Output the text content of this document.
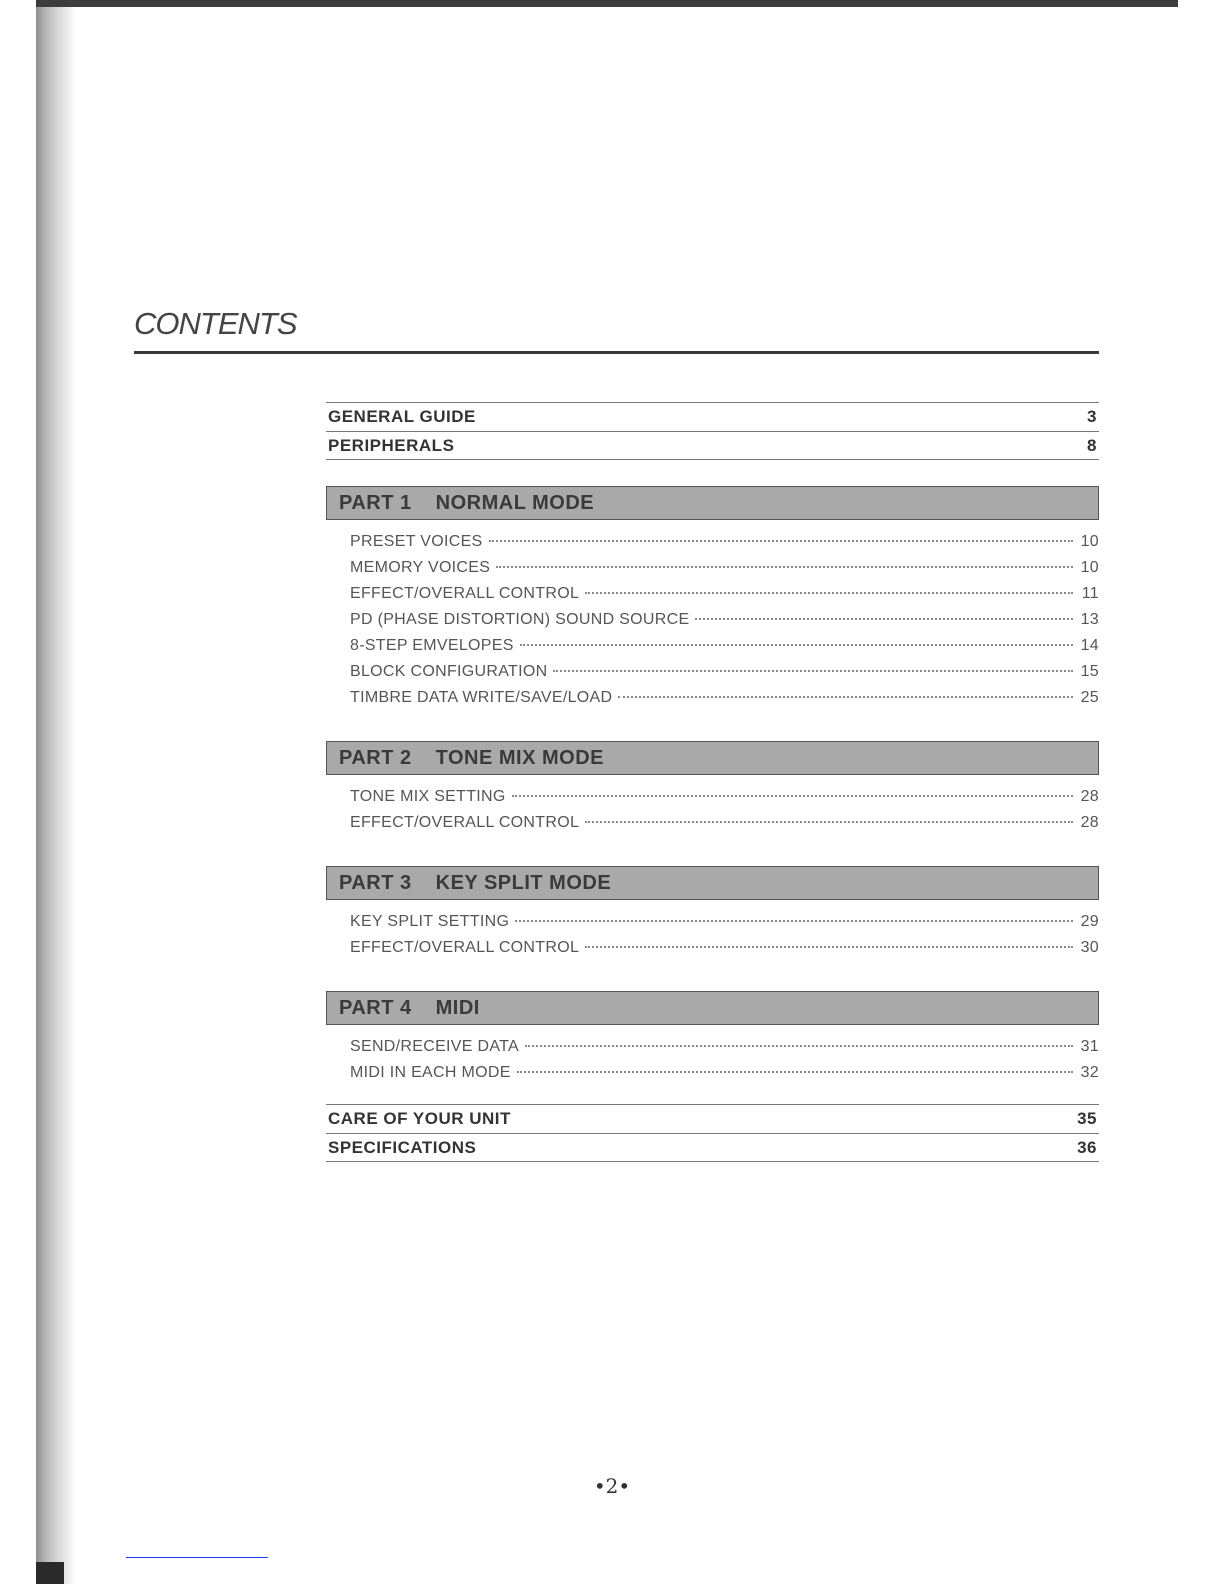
CONTENTS
GENERAL GUIDE	3
PERIPHERALS	8
PART 1 NORMAL MODE
PRESET VOICES	10
MEMORY VOICES	10
EFFECT/OVERALL CONTROL	11
PD (PHASE DISTORTION) SOUND SOURCE	13
8-STEP EMVELOPES	14
BLOCK CONFIGURATION	15
TIMBRE DATA WRITE/SAVE/LOAD	25
PART 2 TONE MIX MODE
TONE MIX SETTING	28
EFFECT/OVERALL CONTROL	28
PART 3 KEY SPLIT MODE
KEY SPLIT SETTING	29
EFFECT/OVERALL CONTROL	30
PART 4 MIDI
SEND/RECEIVE DATA	31
MIDI IN EACH MODE	32
CARE OF YOUR UNIT	35
SPECIFICATIONS	36
•2•
